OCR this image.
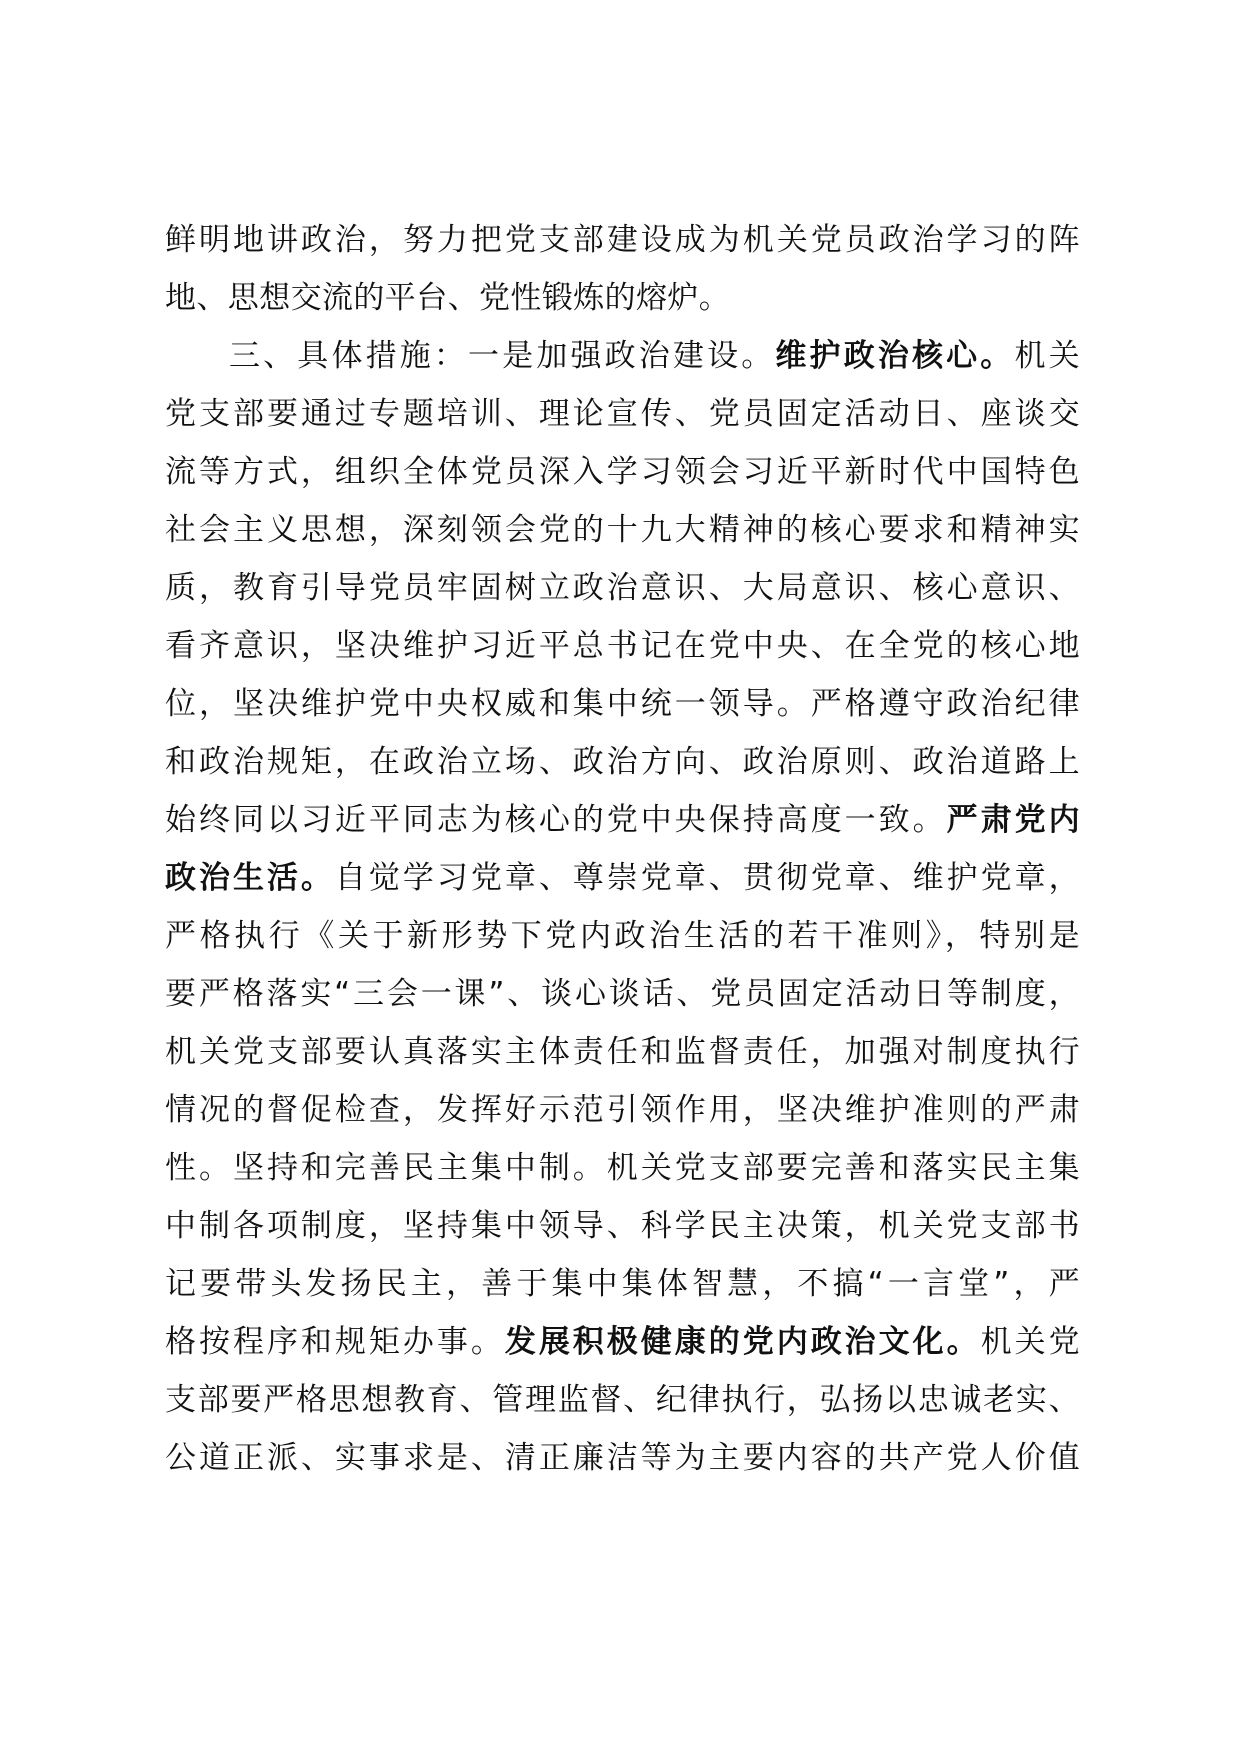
鲜明地讲政治，努力把党支部建设成为机关党员政治学习的阵
地、思想交流的平台、党性锻炼的熔炉。
三、具体措施：一是加强政治建设。维护政治核心。机关
党支部要通过专题培训、理论宣传、党员固定活动日、座谈交
流等方式，组织全体党员深入学习领会习近平新时代中国特色
社会主义思想，深刻领会党的十九大精神的核心要求和精神实
质，教育引导党员牢固树立政治意识、大局意识、核心意识、
看齐意识，坚决维护习近平总书记在党中央、在全党的核心地
位，坚决维护党中央权威和集中统一领导。严格遵守政治纪律
和政治规矩，在政治立场、政治方向、政治原则、政治道路上
始终同以习近平同志为核心的党中央保持高度一致。严肃党内
政治生活。自觉学习党章、尊崇党章、贯彻党章、维护党章，
严格执行《关于新形势下党内政治生活的若干准则》，特别是
要严格落实“三会一课”、谈心谈话、党员固定活动日等制度，
机关党支部要认真落实主体责任和监督责任，加强对制度执行
情况的督促检查，发挥好示范引领作用，坚决维护准则的严肃
性。坚持和完善民主集中制。机关党支部要完善和落实民主集
中制各项制度，坚持集中领导、科学民主决策，机关党支部书
记要带头发扬民主，善于集中集体智慧，不搞“一言堂”，严
格按程序和规矩办事。发展积极健康的党内政治文化。机关党
支部要严格思想教育、管理监督、纪律执行，弘扬以忠诚老实、
公道正派、实事求是、清正廉洁等为主要内容的共产党人价值
